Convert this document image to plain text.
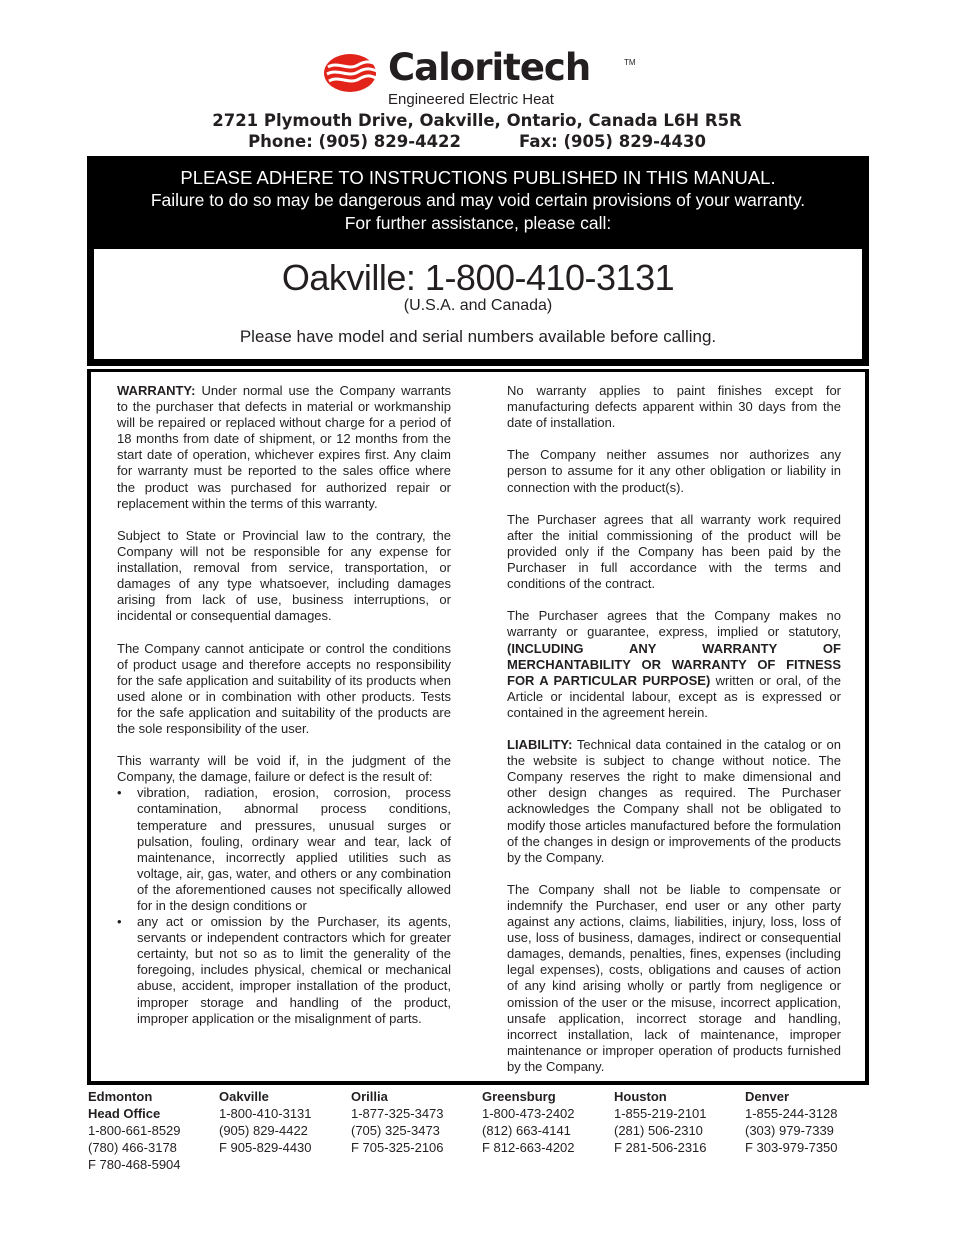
Caloritech	TM
Engineered Electric Heat
2721 Plymouth Drive, Oakville, Ontario, Canada L6H R5R
Phone: (905) 829-4422	Fax: (905) 829-4430
PLEASE ADHERE TO INSTRUCTIONS PUBLISHED IN THIS MANUAL.
Failure to do so may be dangerous and may void certain provisions of your warranty.
For further assistance, please call:
Oakville: 1-800-410-3131
(U.S.A. and Canada)
Please have model and serial numbers available before calling.

WARRANTY: Under normal use the Company warrants to the purchaser that defects in material or workmanship will be repaired or replaced without charge for a period of 18 months from date of shipment, or 12 months from the start date of operation, whichever expires first. Any claim for warranty must be reported to the sales office where the product was purchased for authorized repair or replacement within the terms of this warranty.

Subject to State or Provincial law to the contrary, the Company will not be responsible for any expense for installation, removal from service, transportation, or damages of any type whatsoever, including damages arising from lack of use, business interruptions, or incidental or consequential damages.

The Company cannot anticipate or control the conditions of product usage and therefore accepts no responsibility for the safe application and suitability of its products when used alone or in combination with other products. Tests for the safe application and suitability of the products are the sole responsibility of the user.

This warranty will be void if, in the judgment of the Company, the damage, failure or defect is the result of:

• vibration, radiation, erosion, corrosion, process contamination, abnormal process conditions, temperature and pressures, unusual surges or pulsation, fouling, ordinary wear and tear, lack of maintenance, incorrectly applied utilities such as voltage, air, gas, water, and others or any combination of the aforementioned causes not specifically allowed for in the design conditions or
• any act or omission by the Purchaser, its agents, servants or independent contractors which for greater certainty, but not so as to limit the generality of the foregoing, includes physical, chemical or mechanical abuse, accident, improper installation of the product, improper storage and handling of the product, improper application or the misalignment of parts.

No warranty applies to paint finishes except for manufacturing defects apparent within 30 days from the date of installation.

The Company neither assumes nor authorizes any person to assume for it any other obligation or liability in connection with the product(s).

The Purchaser agrees that all warranty work required after the initial commissioning of the product will be provided only if the Company has been paid by the Purchaser in full accordance with the terms and conditions of the contract.

The Purchaser agrees that the Company makes no warranty or guarantee, express, implied or statutory, (INCLUDING ANY WARRANTY OF MERCHANTABILITY OR WARRANTY OF FITNESS FOR A PARTICULAR PURPOSE) written or oral, of the Article or incidental labour, except as is expressed or contained in the agreement herein.

LIABILITY: Technical data contained in the catalog or on the website is subject to change without notice. The Company reserves the right to make dimensional and other design changes as required. The Purchaser acknowledges the Company shall not be obligated to modify those articles manufactured before the formulation of the changes in design or improvements of the products by the Company.

The Company shall not be liable to compensate or indemnify the Purchaser, end user or any other party against any actions, claims, liabilities, injury, loss, loss of use, loss of business, damages, indirect or consequential damages, demands, penalties, fines, expenses (including legal expenses), costs, obligations and causes of action of any kind arising wholly or partly from negligence or omission of the user or the misuse, incorrect application, unsafe application, incorrect storage and handling, incorrect installation, lack of maintenance, improper maintenance or improper operation of products furnished by the Company.

Edmonton
Head Office
1-800-661-8529
(780) 466-3178
F 780-468-5904
Oakville
1-800-410-3131
(905) 829-4422
F 905-829-4430
Orillia
1-877-325-3473
(705) 325-3473
F 705-325-2106
Greensburg
1-800-473-2402
(812) 663-4141
F 812-663-4202
Houston
1-855-219-2101
(281) 506-2310
F 281-506-2316
Denver
1-855-244-3128
(303) 979-7339
F 303-979-7350
